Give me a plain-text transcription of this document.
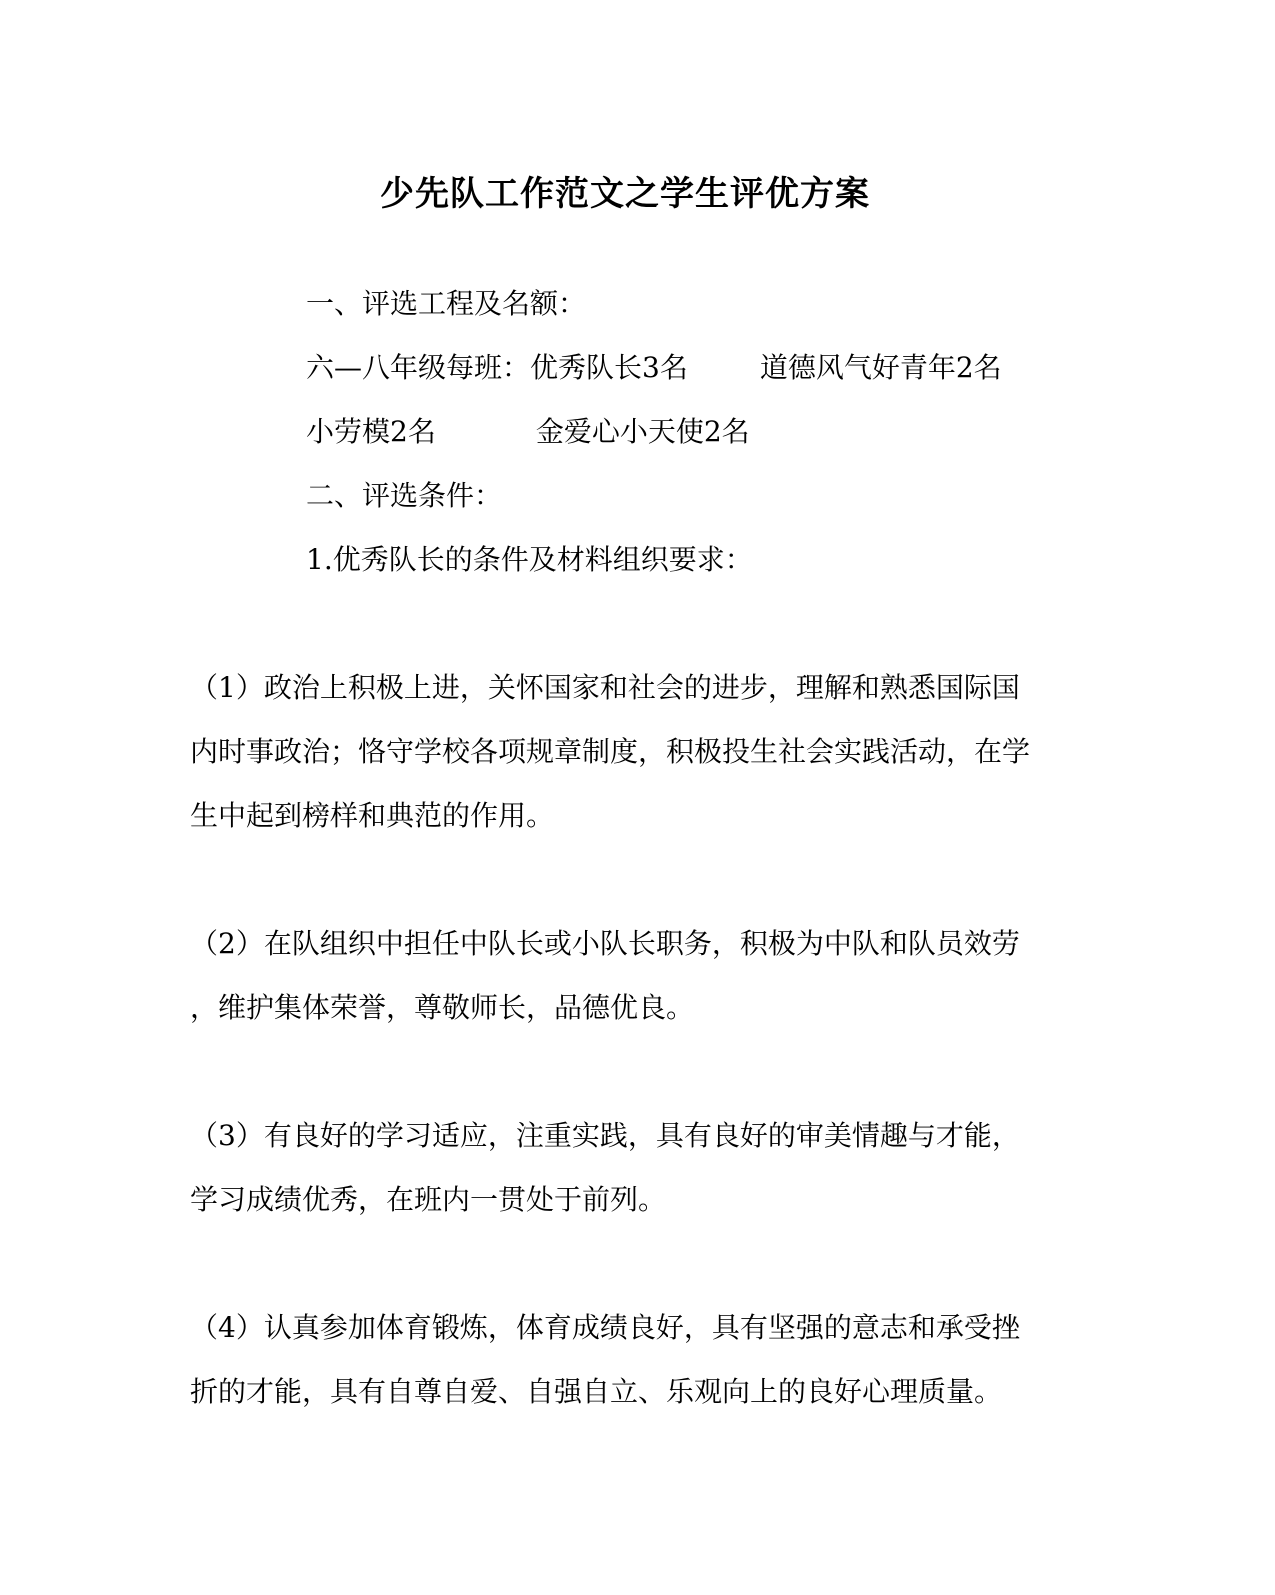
少先队工作范文之学生评优方案
一、评选工程及名额：
六—八年级每班：优秀队长3名	道德风气好青年2名
小劳模2名	金爱心小天使2名
二、评选条件：
1.优秀队长的条件及材料组织要求：
（1）政治上积极上进，关怀国家和社会的进步，理解和熟悉国际国
内时事政治；恪守学校各项规章制度，积极投生社会实践活动，在学
生中起到榜样和典范的作用。
（2）在队组织中担任中队长或小队长职务，积极为中队和队员效劳
，维护集体荣誉，尊敬师长，品德优良。
（3）有良好的学习适应，注重实践，具有良好的审美情趣与才能，
学习成绩优秀，在班内一贯处于前列。
（4）认真参加体育锻炼，体育成绩良好，具有坚强的意志和承受挫
折的才能，具有自尊自爱、自强自立、乐观向上的良好心理质量。
